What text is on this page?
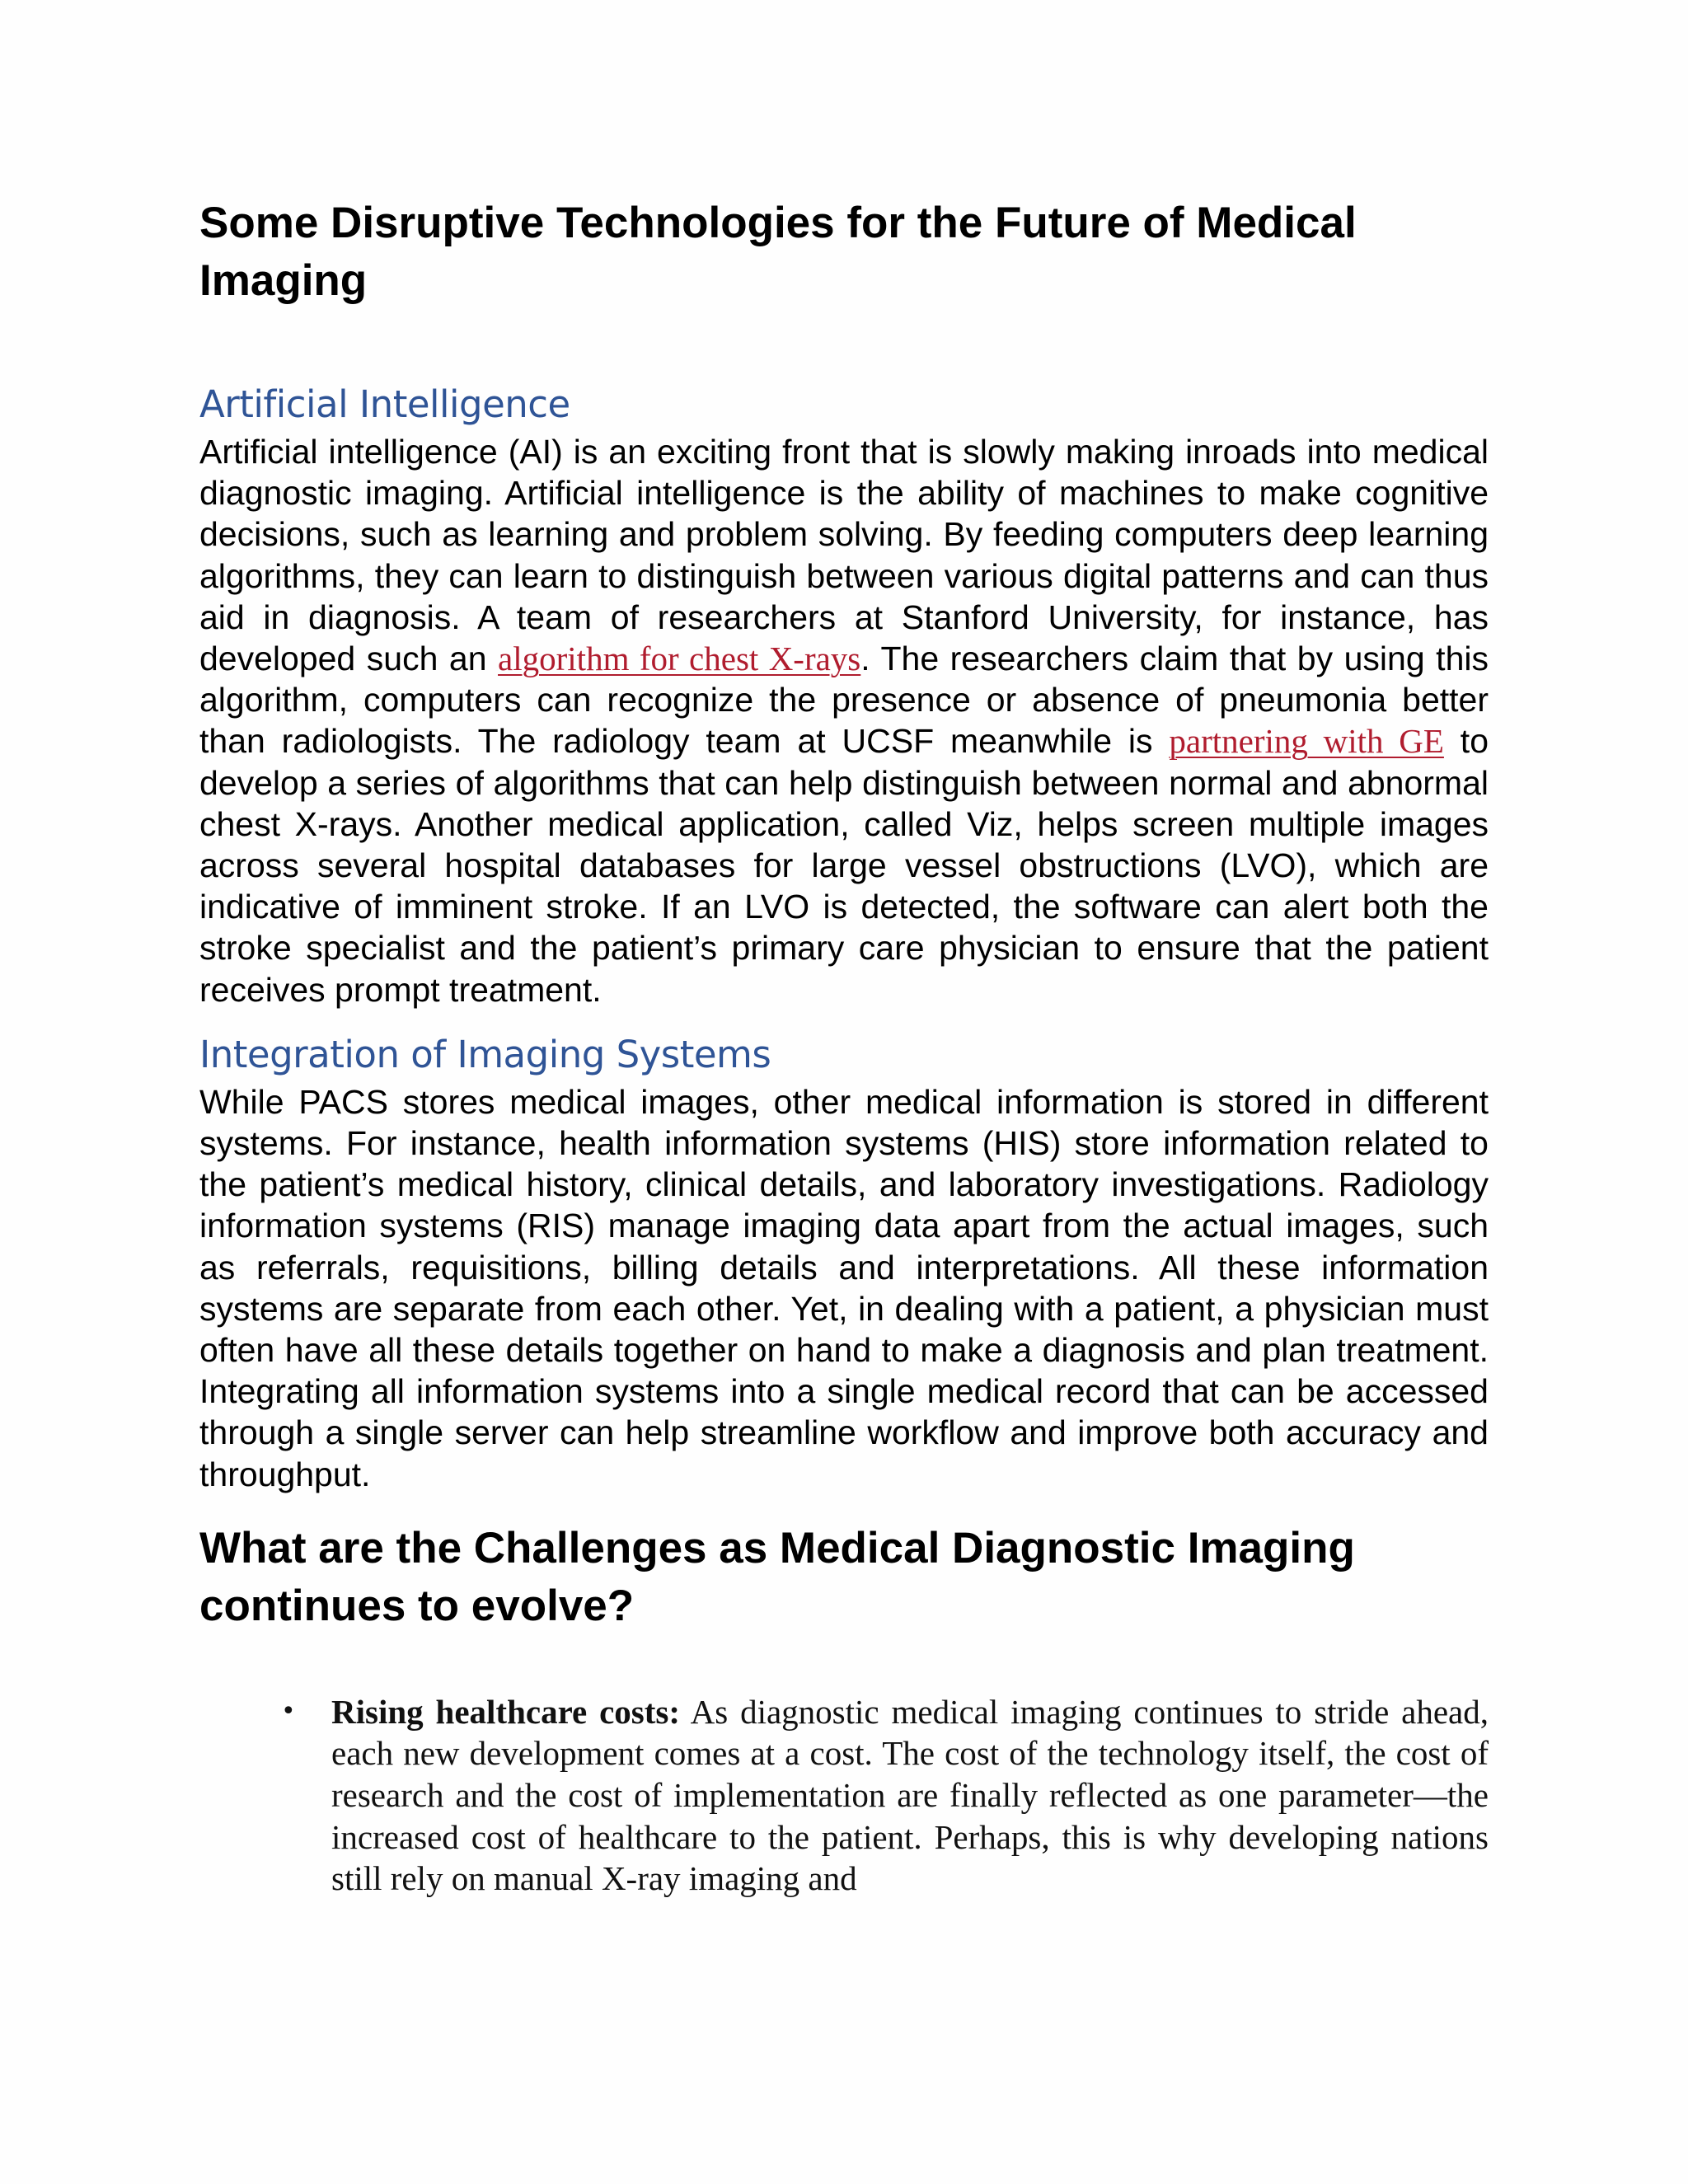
Some Disruptive Technologies for the Future of Medical Imaging
Artificial Intelligence

Artificial intelligence (AI) is an exciting front that is slowly making inroads into medical diagnostic imaging. Artificial intelligence is the ability of machines to make cognitive decisions, such as learning and problem solving. By feeding computers deep learning algorithms, they can learn to distinguish between various digital patterns and can thus aid in diagnosis. A team of researchers at Stanford University, for instance, has developed such an algorithm for chest X-rays. The researchers claim that by using this algorithm, computers can recognize the presence or absence of pneumonia better than radiologists. The radiology team at UCSF meanwhile is partnering with GE to develop a series of algorithms that can help distinguish between normal and abnormal chest X-rays. Another medical application, called Viz, helps screen multiple images across several hospital databases for large vessel obstructions (LVO), which are indicative of imminent stroke. If an LVO is detected, the software can alert both the stroke specialist and the patient’s primary care physician to ensure that the patient receives prompt treatment.

Integration of Imaging Systems

While PACS stores medical images, other medical information is stored in different systems. For instance, health information systems (HIS) store information related to the patient’s medical history, clinical details, and laboratory investigations. Radiology information systems (RIS) manage imaging data apart from the actual images, such as referrals, requisitions, billing details and interpretations. All these information systems are separate from each other. Yet, in dealing with a patient, a physician must often have all these details together on hand to make a diagnosis and plan treatment. Integrating all information systems into a single medical record that can be accessed through a single server can help streamline workflow and improve both accuracy and throughput.

What are the Challenges as Medical Diagnostic Imaging continues to evolve?
• Rising healthcare costs: As diagnostic medical imaging continues to stride ahead, each new development comes at a cost. The cost of the technology itself, the cost of research and the cost of implementation are finally reflected as one parameter—the increased cost of healthcare to the patient. Perhaps, this is why developing nations still rely on manual X-ray imaging and
